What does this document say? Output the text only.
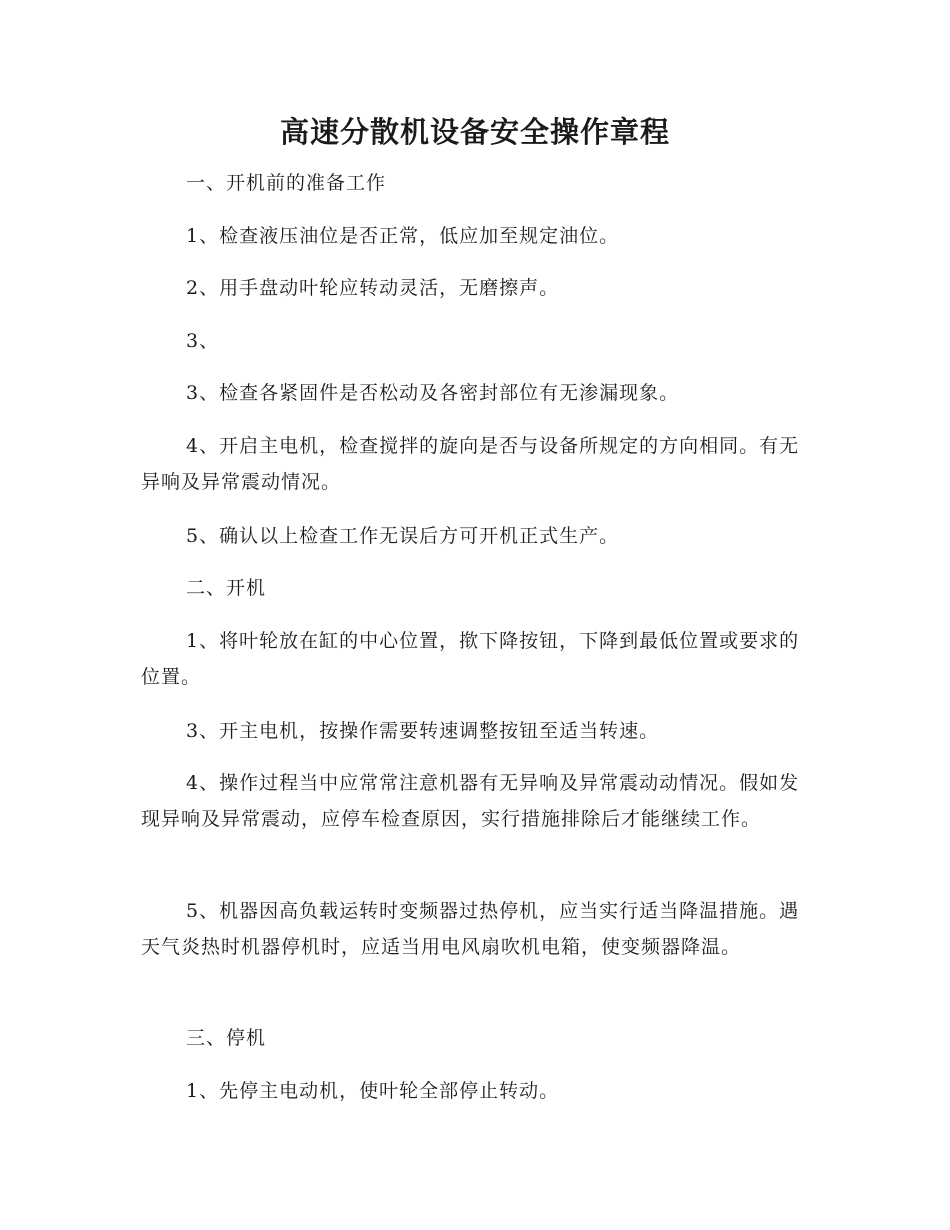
高速分散机设备安全操作章程

一、开机前的准备工作

1、检查液压油位是否正常，低应加至规定油位。

2、用手盘动叶轮应转动灵活，无磨擦声。

3、

3、检查各紧固件是否松动及各密封部位有无渗漏现象。

4、开启主电机，检查搅拌的旋向是否与设备所规定的方向相同。有无异响及异常震动情况。

5、确认以上检查工作无误后方可开机正式生产。

二、开机

1、将叶轮放在缸的中心位置，揿下降按钮，下降到最低位置或要求的位置。

3、开主电机，按操作需要转速调整按钮至适当转速。

4、操作过程当中应常常注意机器有无异响及异常震动动情况。假如发现异响及异常震动，应停车检查原因，实行措施排除后才能继续工作。

5、机器因高负载运转时变频器过热停机，应当实行适当降温措施。遇天气炎热时机器停机时，应适当用电风扇吹机电箱，使变频器降温。

三、停机

1、先停主电动机，使叶轮全部停止转动。
